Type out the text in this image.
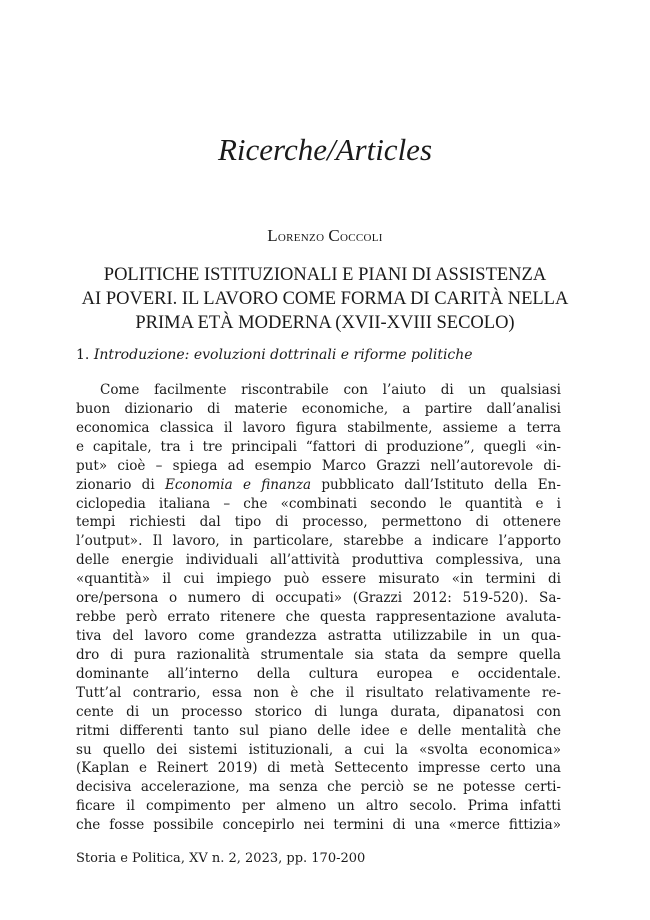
Ricerche/Articles

Lorenzo Coccoli

POLITICHE ISTITUZIONALI E PIANI DI ASSISTENZA
AI POVERI. IL LAVORO COME FORMA DI CARITÀ NELLA
PRIMA ETÀ MODERNA (XVII-XVIII SECOLO)
1. Introduzione: evoluzioni dottrinali e riforme politiche
Come facilmente riscontrabile con l’aiuto di un qualsiasi
buon dizionario di materie economiche, a partire dall’analisi
economica classica il lavoro figura stabilmente, assieme a terra
e capitale, tra i tre principali “fattori di produzione”, quegli «in-
put» cioè – spiega ad esempio Marco Grazzi nell’autorevole di-
zionario di Economia e finanza pubblicato dall’Istituto della En-
ciclopedia italiana – che «combinati secondo le quantità e i
tempi richiesti dal tipo di processo, permettono di ottenere
l’output». Il lavoro, in particolare, starebbe a indicare l’apporto
delle energie individuali all’attività produttiva complessiva, una
«quantità» il cui impiego può essere misurato «in termini di
ore/persona o numero di occupati» (Grazzi 2012: 519-520). Sa-
rebbe però errato ritenere che questa rappresentazione avaluta-
tiva del lavoro come grandezza astratta utilizzabile in un qua-
dro di pura razionalità strumentale sia stata da sempre quella
dominante all’interno della cultura europea e occidentale.
Tutt’al contrario, essa non è che il risultato relativamente re-
cente di un processo storico di lunga durata, dipanatosi con
ritmi differenti tanto sul piano delle idee e delle mentalità che
su quello dei sistemi istituzionali, a cui la «svolta economica»
(Kaplan e Reinert 2019) di metà Settecento impresse certo una
decisiva accelerazione, ma senza che perciò se ne potesse certi-
ficare il compimento per almeno un altro secolo. Prima infatti
che fosse possibile concepirlo nei termini di una «merce fittizia»

Storia e Politica, XV n. 2, 2023, pp. 170-200
